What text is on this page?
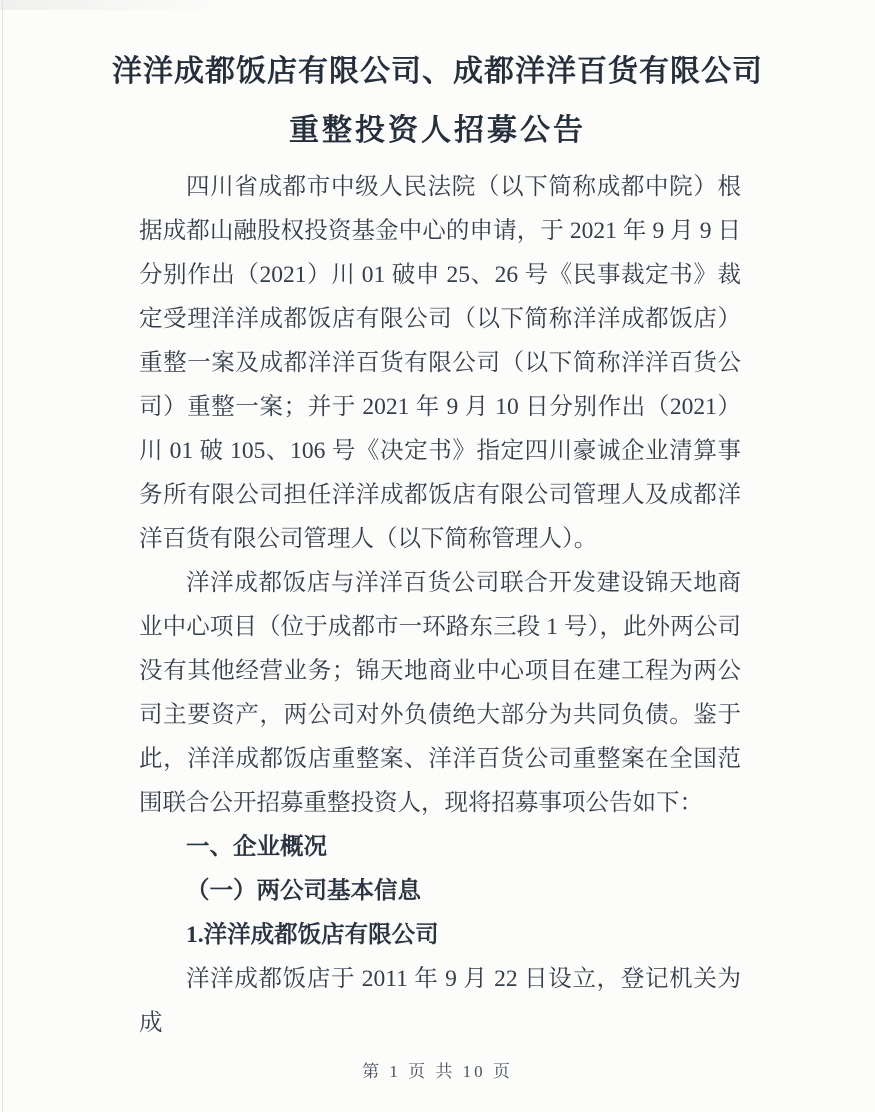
洋洋成都饭店有限公司、成都洋洋百货有限公司
重整投资人招募公告
四川省成都市中级人民法院（以下简称成都中院）根据成都山融股权投资基金中心的申请，于 2021 年 9 月 9 日分别作出（2021）川 01 破申 25、26 号《民事裁定书》裁定受理洋洋成都饭店有限公司（以下简称洋洋成都饭店）重整一案及成都洋洋百货有限公司（以下简称洋洋百货公司）重整一案；并于 2021 年 9 月 10 日分别作出（2021）川 01 破 105、106 号《决定书》指定四川豪诚企业清算事务所有限公司担任洋洋成都饭店有限公司管理人及成都洋洋百货有限公司管理人（以下简称管理人）。
洋洋成都饭店与洋洋百货公司联合开发建设锦天地商业中心项目（位于成都市一环路东三段 1 号），此外两公司没有其他经营业务；锦天地商业中心项目在建工程为两公司主要资产，两公司对外负债绝大部分为共同负债。鉴于此，洋洋成都饭店重整案、洋洋百货公司重整案在全国范围联合公开招募重整投资人，现将招募事项公告如下：
一、企业概况
（一）两公司基本信息
1.洋洋成都饭店有限公司
洋洋成都饭店于 2011 年 9 月 22 日设立，登记机关为成
第 1 页 共 10 页
